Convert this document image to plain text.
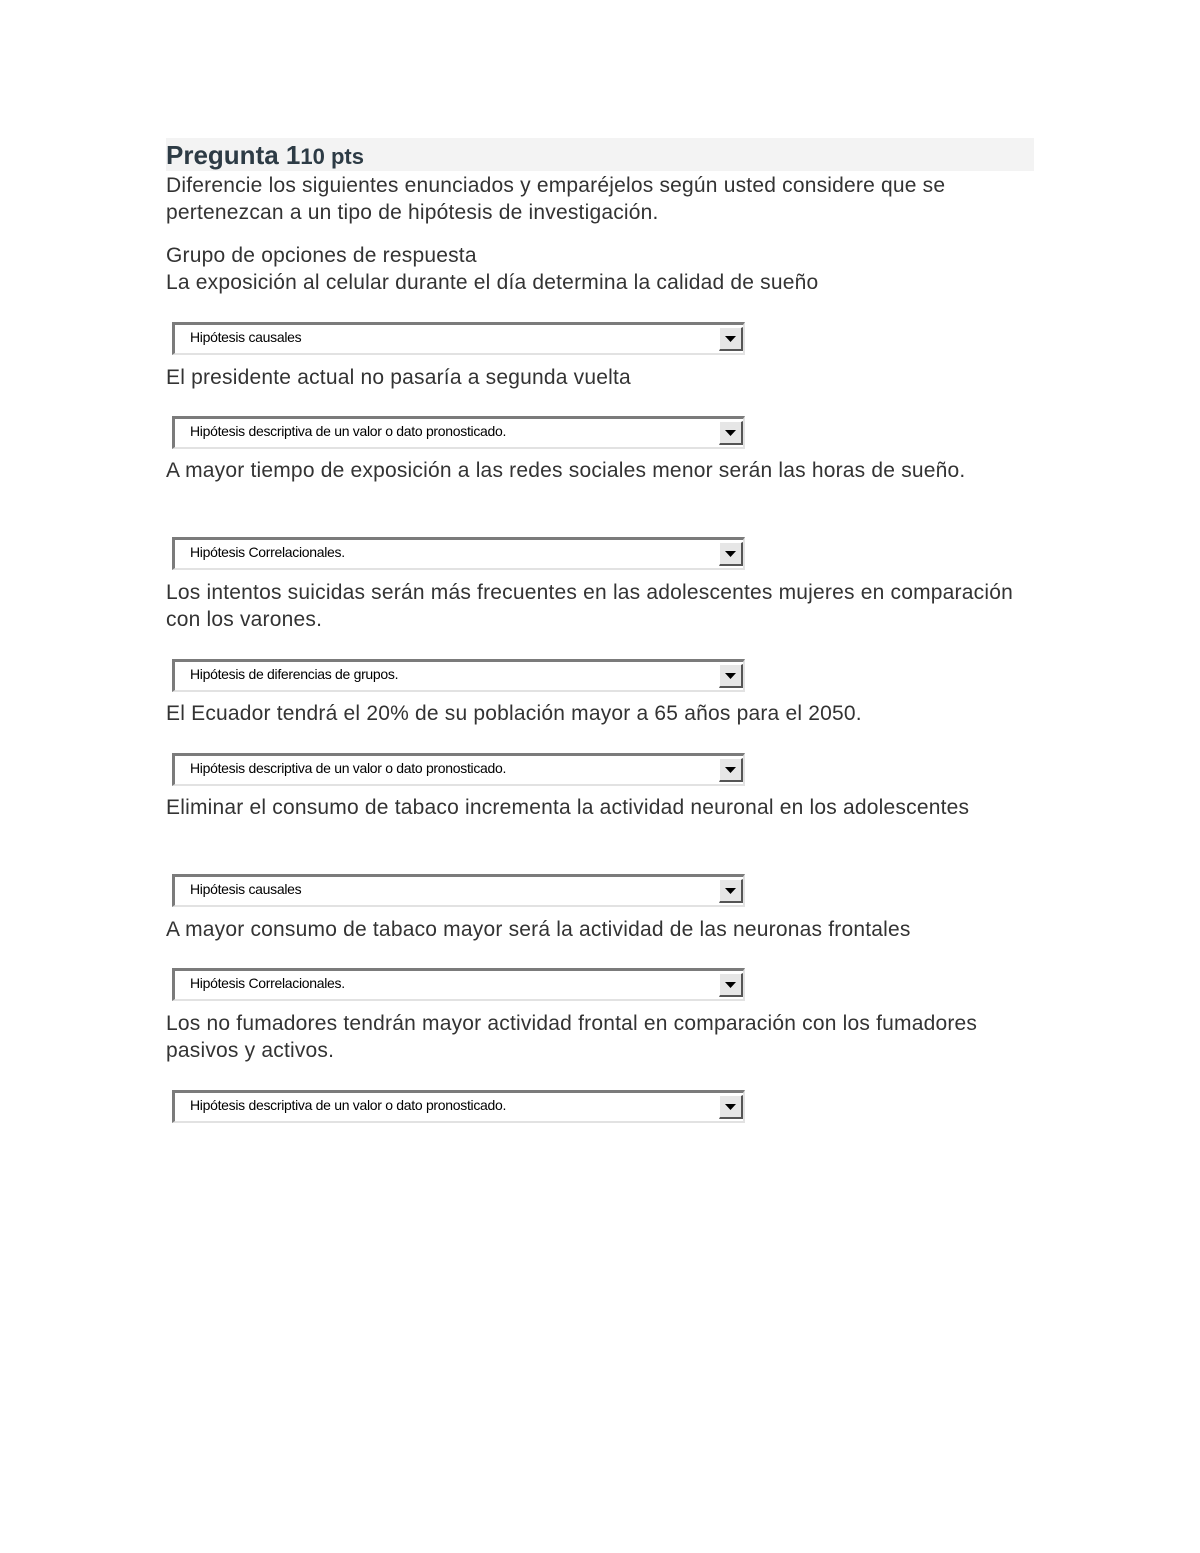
Pregunta 110 pts
Diferencie los siguientes enunciados y emparéjelos según usted considere que se pertenezcan a un tipo de hipótesis de investigación.
Grupo de opciones de respuesta
La exposición al celular durante el día determina la calidad de sueño
Hipótesis causales
El presidente actual no pasaría a segunda vuelta
Hipótesis descriptiva de un valor o dato pronosticado.
A mayor tiempo de exposición a las redes sociales menor serán las horas de sueño.
Hipótesis Correlacionales.
Los intentos suicidas serán más frecuentes en las adolescentes mujeres en comparación con los varones.
Hipótesis de diferencias de grupos.
El Ecuador tendrá el 20% de su población mayor a 65 años para el 2050.
Hipótesis descriptiva de un valor o dato pronosticado.
Eliminar el consumo de tabaco incrementa la actividad neuronal en los adolescentes
Hipótesis causales
A mayor consumo de tabaco mayor será la actividad de las neuronas frontales
Hipótesis Correlacionales.
Los no fumadores tendrán mayor actividad frontal en comparación con los fumadores pasivos y activos.
Hipótesis descriptiva de un valor o dato pronosticado.
